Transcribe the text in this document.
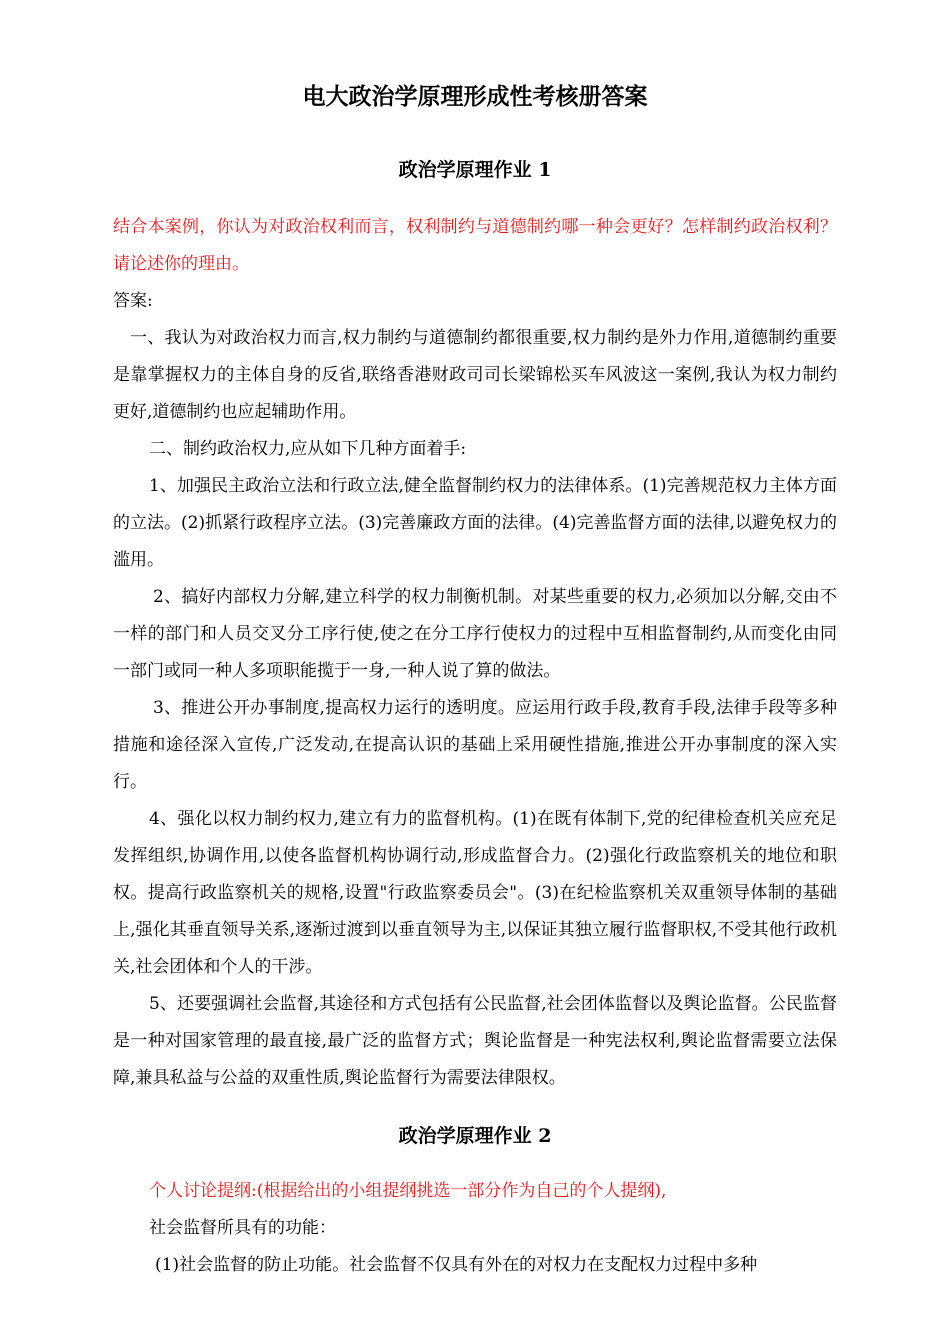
电大政治学原理形成性考核册答案
政治学原理作业 1

结合本案例，你认为对政治权利而言，权利制约与道德制约哪一种会更好？怎样制约政治权利？请论述你的理由。

答案:

一、我认为对政治权力而言,权力制约与道德制约都很重要,权力制约是外力作用,道德制约重要是靠掌握权力的主体自身的反省,联络香港财政司司长梁锦松买车风波这一案例,我认为权力制约更好,道德制约也应起辅助作用。

二、制约政治权力,应从如下几种方面着手:

1、加强民主政治立法和行政立法,健全监督制约权力的法律体系。(1)完善规范权力主体方面的立法。(2)抓紧行政程序立法。(3)完善廉政方面的法律。(4)完善监督方面的法律,以避免权力的滥用。

2、搞好内部权力分解,建立科学的权力制衡机制。对某些重要的权力,必须加以分解,交由不一样的部门和人员交叉分工序行使,使之在分工序行使权力的过程中互相监督制约,从而变化由同一部门或同一种人多项职能揽于一身,一种人说了算的做法。

3、推进公开办事制度,提高权力运行的透明度。应运用行政手段,教育手段,法律手段等多种措施和途径深入宣传,广泛发动,在提高认识的基础上采用硬性措施,推进公开办事制度的深入实行。

4、强化以权力制约权力,建立有力的监督机构。(1)在既有体制下,党的纪律检查机关应充足发挥组织,协调作用,以使各监督机构协调行动,形成监督合力。(2)强化行政监察机关的地位和职权。提高行政监察机关的规格,设置"行政监察委员会"。(3)在纪检监察机关双重领导体制的基础上,强化其垂直领导关系,逐渐过渡到以垂直领导为主,以保证其独立履行监督职权,不受其他行政机关,社会团体和个人的干涉。

5、还要强调社会监督,其途径和方式包括有公民监督,社会团体监督以及舆论监督。公民监督是一种对国家管理的最直接,最广泛的监督方式；舆论监督是一种宪法权利,舆论监督需要立法保障,兼具私益与公益的双重性质,舆论监督行为需要法律限权。

政治学原理作业 2

个人讨论提纲:(根据给出的小组提纲挑选一部分作为自己的个人提纲),

社会监督所具有的功能：

(1)社会监督的防止功能。社会监督不仅具有外在的对权力在支配权力过程中多种
